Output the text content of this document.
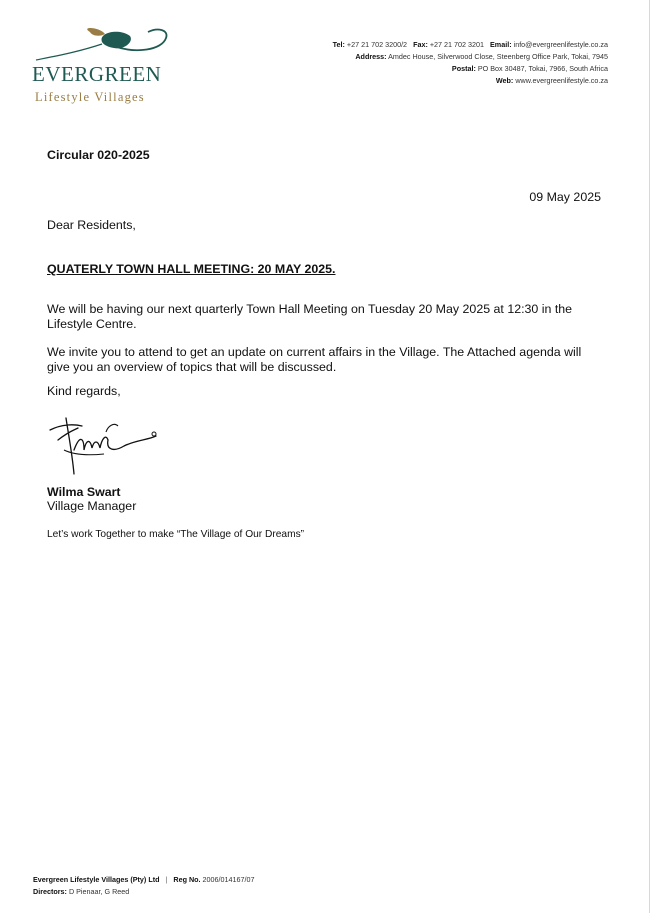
EVERGREEN
Lifestyle Villages
Tel: +27 21 702 3200/2 Fax: +27 21 702 3201 Email: info@evergreenlifestyle.co.za
Address: Amdec House, Silverwood Close, Steenberg Office Park, Tokai, 7945
Postal: PO Box 30487, Tokai, 7966, South Africa
Web: www.evergreenlifestyle.co.za
Circular 020-2025
09 May 2025
Dear Residents,
QUATERLY TOWN HALL MEETING: 20 MAY 2025.
We will be having our next quarterly Town Hall Meeting on Tuesday 20 May 2025 at 12:30 in the Lifestyle Centre.
We invite you to attend to get an update on current affairs in the Village. The Attached agenda will give you an overview of topics that will be discussed.
Kind regards,
Wilma Swart
Village Manager
Let’s work Together to make “The Village of Our Dreams”
Evergreen Lifestyle Villages (Pty) Ltd | Reg No. 2006/014167/07
Directors: D Pienaar, G Reed
